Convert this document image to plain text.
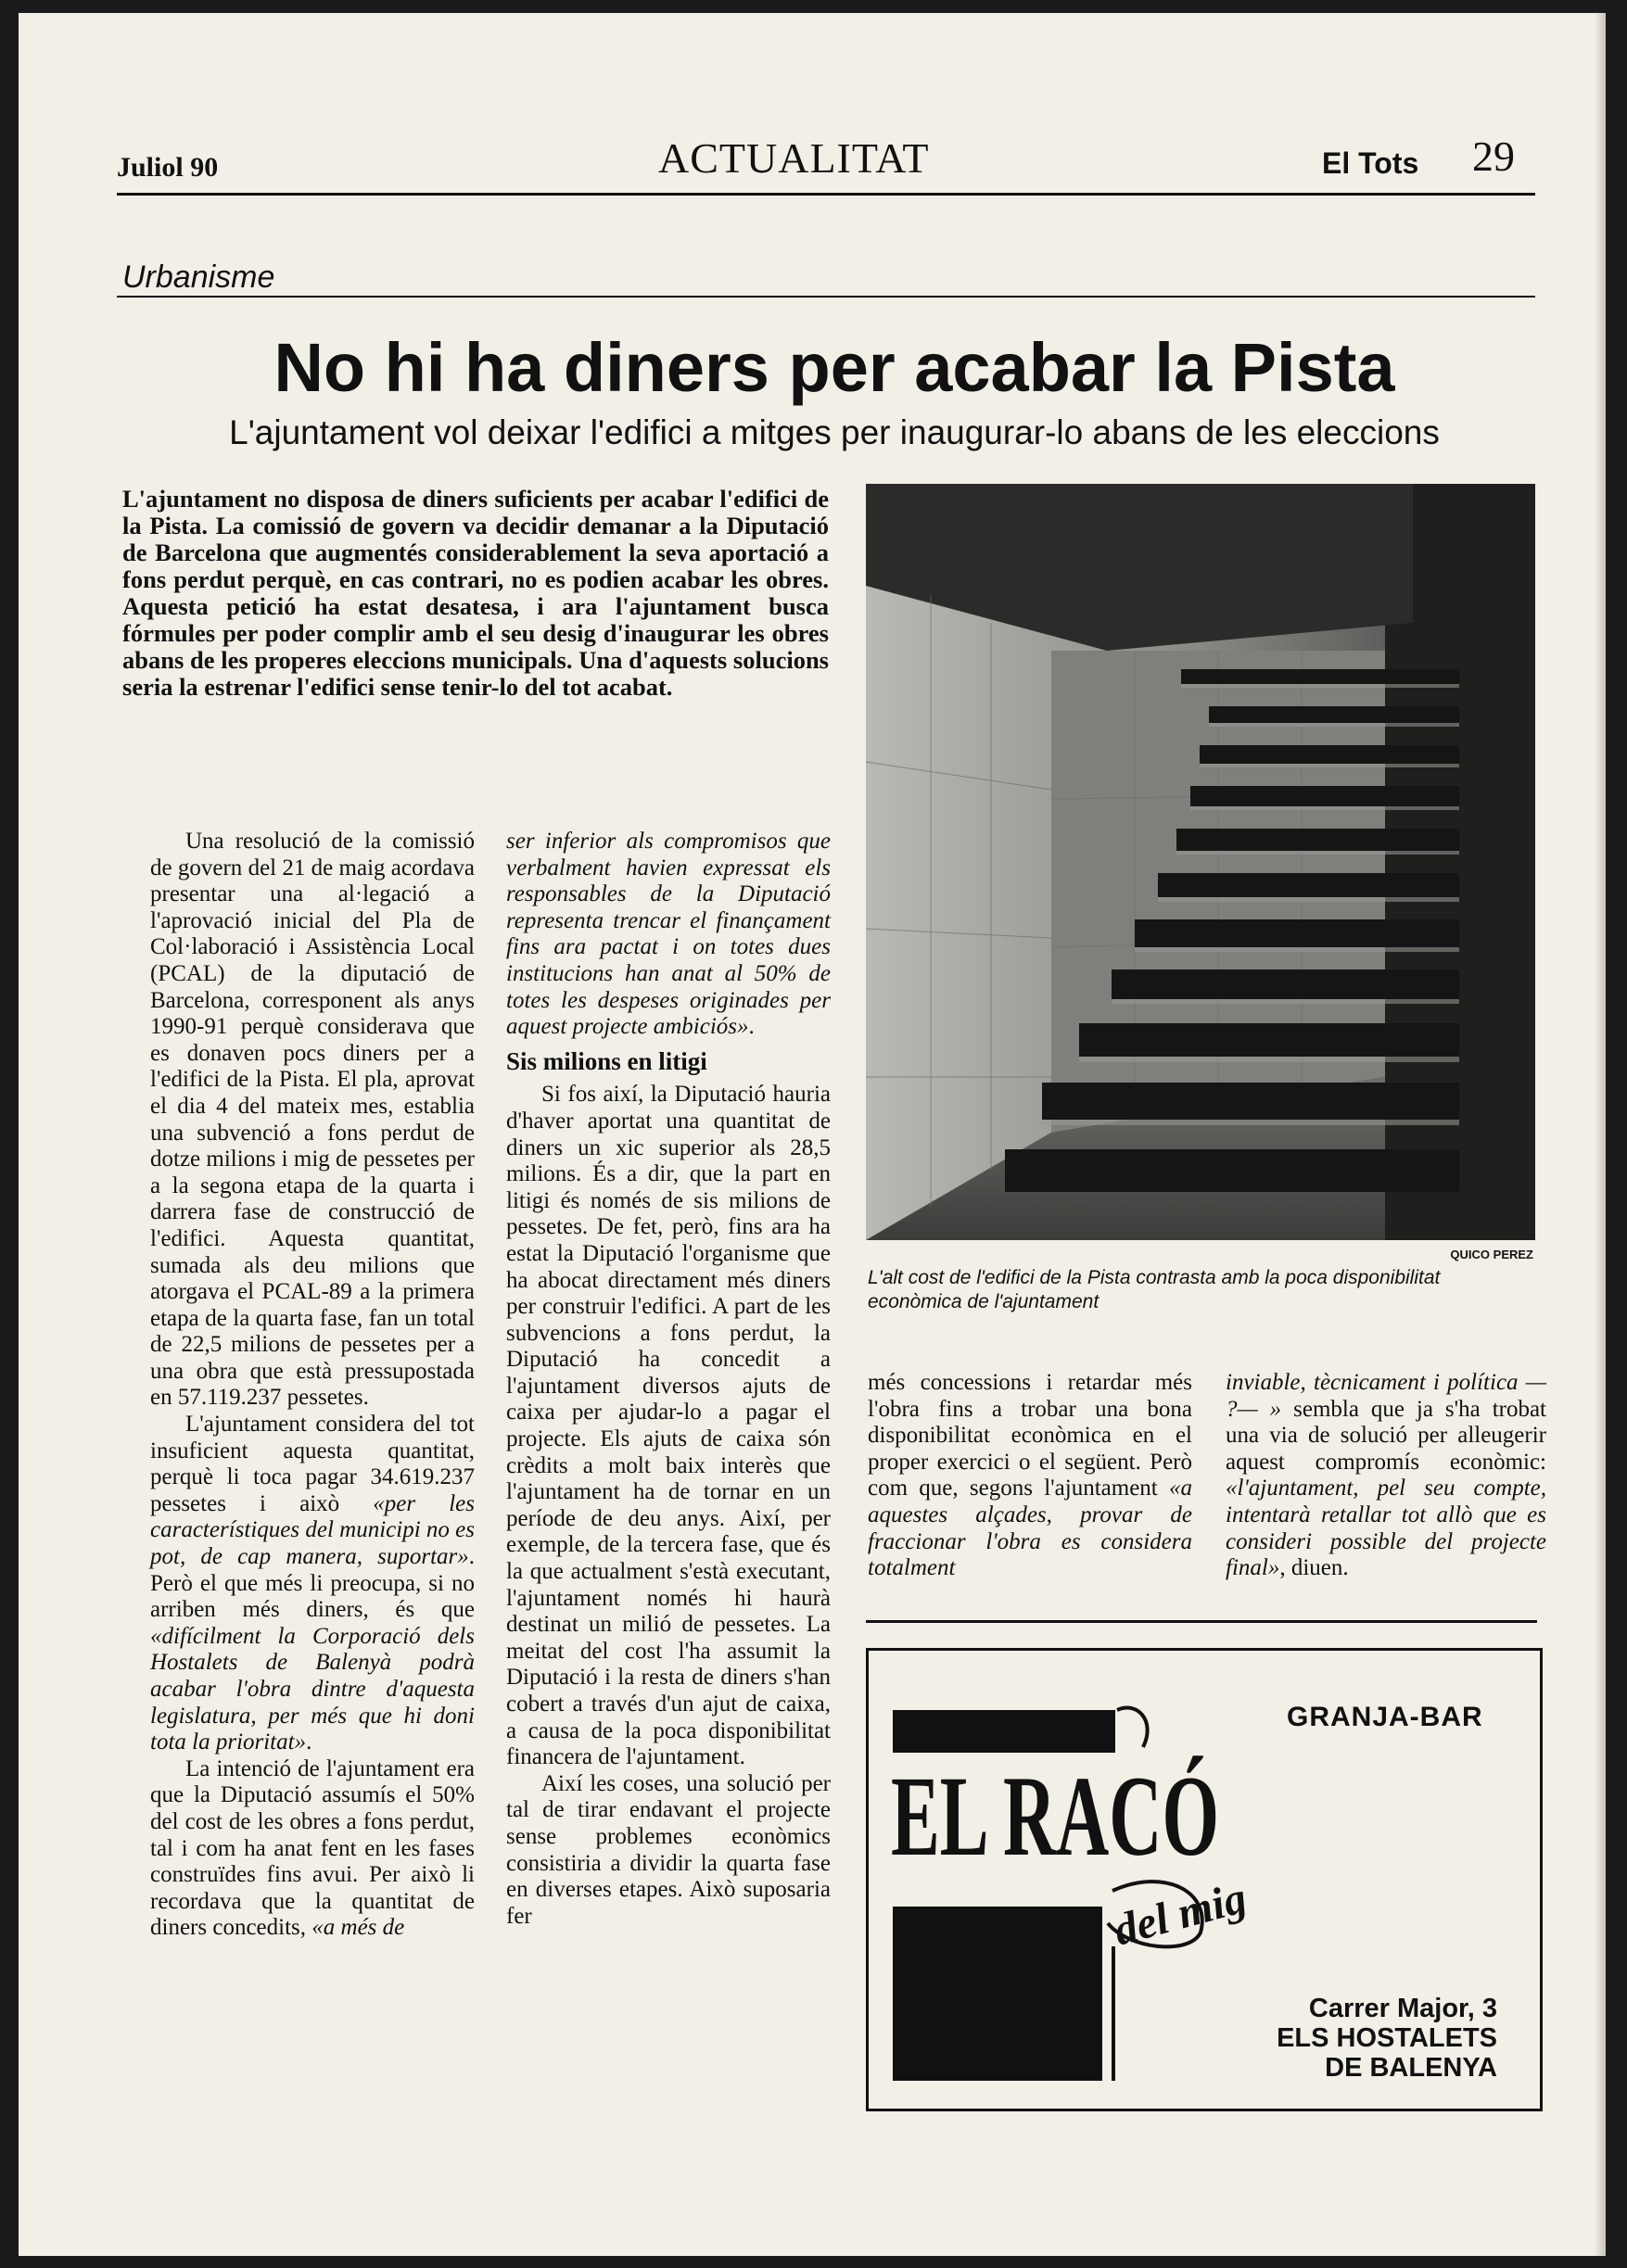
Juliol 90	ACTUALITAT	El Tots 29
Urbanisme
No hi ha diners per acabar la Pista
L'ajuntament vol deixar l'edifici a mitges per inaugurar-lo abans de les eleccions
L'ajuntament no disposa de diners suficients per acabar l'edifici de la Pista. La comissió de govern va decidir demanar a la Diputació de Barcelona que augmentés considerablement la seva aportació a fons perdut perquè, en cas contrari, no es podien acabar les obres. Aquesta petició ha estat desatesa, i ara l'ajuntament busca fórmules per poder complir amb el seu desig d'inaugurar les obres abans de les properes eleccions municipals. Una d'aquests solucions seria la estrenar l'edifici sense tenir-lo del tot acabat.

Una resolució de la comissió de govern del 21 de maig acordava presentar una al·legació a l'aprovació inicial del Pla de Col·laboració i Assistència Local (PCAL) de la diputació de Barcelona, corresponent als anys 1990-91 perquè considerava que es donaven pocs diners per a l'edifici de la Pista. El pla, aprovat el dia 4 del mateix mes, establia una subvenció a fons perdut de dotze milions i mig de pessetes per a la segona etapa de la quarta i darrera fase de construcció de l'edifici. Aquesta quantitat, sumada als deu milions que atorgava el PCAL-89 a la primera etapa de la quarta fase, fan un total de 22,5 milions de pessetes per a una obra que està pressupostada en 57.119.237 pessetes.

L'ajuntament considera del tot insuficient aquesta quantitat, perquè li toca pagar 34.619.237 pessetes i això «per les característiques del municipi no es pot, de cap manera, suportar». Però el que més li preocupa, si no arriben més diners, és que «difícilment la Corporació dels Hostalets de Balenyà podrà acabar l'obra dintre d'aquesta legislatura, per més que hi doni tota la prioritat».

La intenció de l'ajuntament era que la Diputació assumís el 50% del cost de les obres a fons perdut, tal i com ha anat fent en les fases construïdes fins avui. Per això li recordava que la quantitat de diners concedits, «a més de

ser inferior als compromisos que verbalment havien expressat els responsables de la Diputació representa trencar el finançament fins ara pactat i on totes dues institucions han anat al 50% de totes les despeses originades per aquest projecte ambiciós».

Sis milions en litigi

Si fos així, la Diputació hauria d'haver aportat una quantitat de diners un xic superior als 28,5 milions. És a dir, que la part en litigi és només de sis milions de pessetes. De fet, però, fins ara ha estat la Diputació l'organisme que ha abocat directament més diners per construir l'edifici. A part de les subvencions a fons perdut, la Diputació ha concedit a l'ajuntament diversos ajuts de caixa per ajudar-lo a pagar el projecte. Els ajuts de caixa són crèdits a molt baix interès que l'ajuntament ha de tornar en un període de deu anys. Així, per exemple, de la tercera fase, que és la que actualment s'està executant, l'ajuntament només hi haurà destinat un milió de pessetes. La meitat del cost l'ha assumit la Diputació i la resta de diners s'han cobert a través d'un ajut de caixa, a causa de la poca disponibilitat financera de l'ajuntament.

Així les coses, una solució per tal de tirar endavant el projecte sense problemes econòmics consistiria a dividir la quarta fase en diverses etapes. Això suposaria fer

QUICO PEREZ
L'alt cost de l'edifici de la Pista contrasta amb la poca disponibilitat econòmica de l'ajuntament

més concessions i retardar més l'obra fins a trobar una bona disponibilitat econòmica en el proper exercici o el següent. Però com que, segons l'ajuntament «a aquestes alçades, provar de fraccionar l'obra es considera totalment

inviable, tècnicament i política — ?— » sembla que ja s'ha trobat una via de solució per alleugerir aquest compromís econòmic: «l'ajuntament, pel seu compte, intentarà retallar tot allò que es consideri possible del projecte final», diuen.

EL RACÓ
del mig
GRANJA-BAR
Carrer Major, 3
ELS HOSTALETS
DE BALENYA
